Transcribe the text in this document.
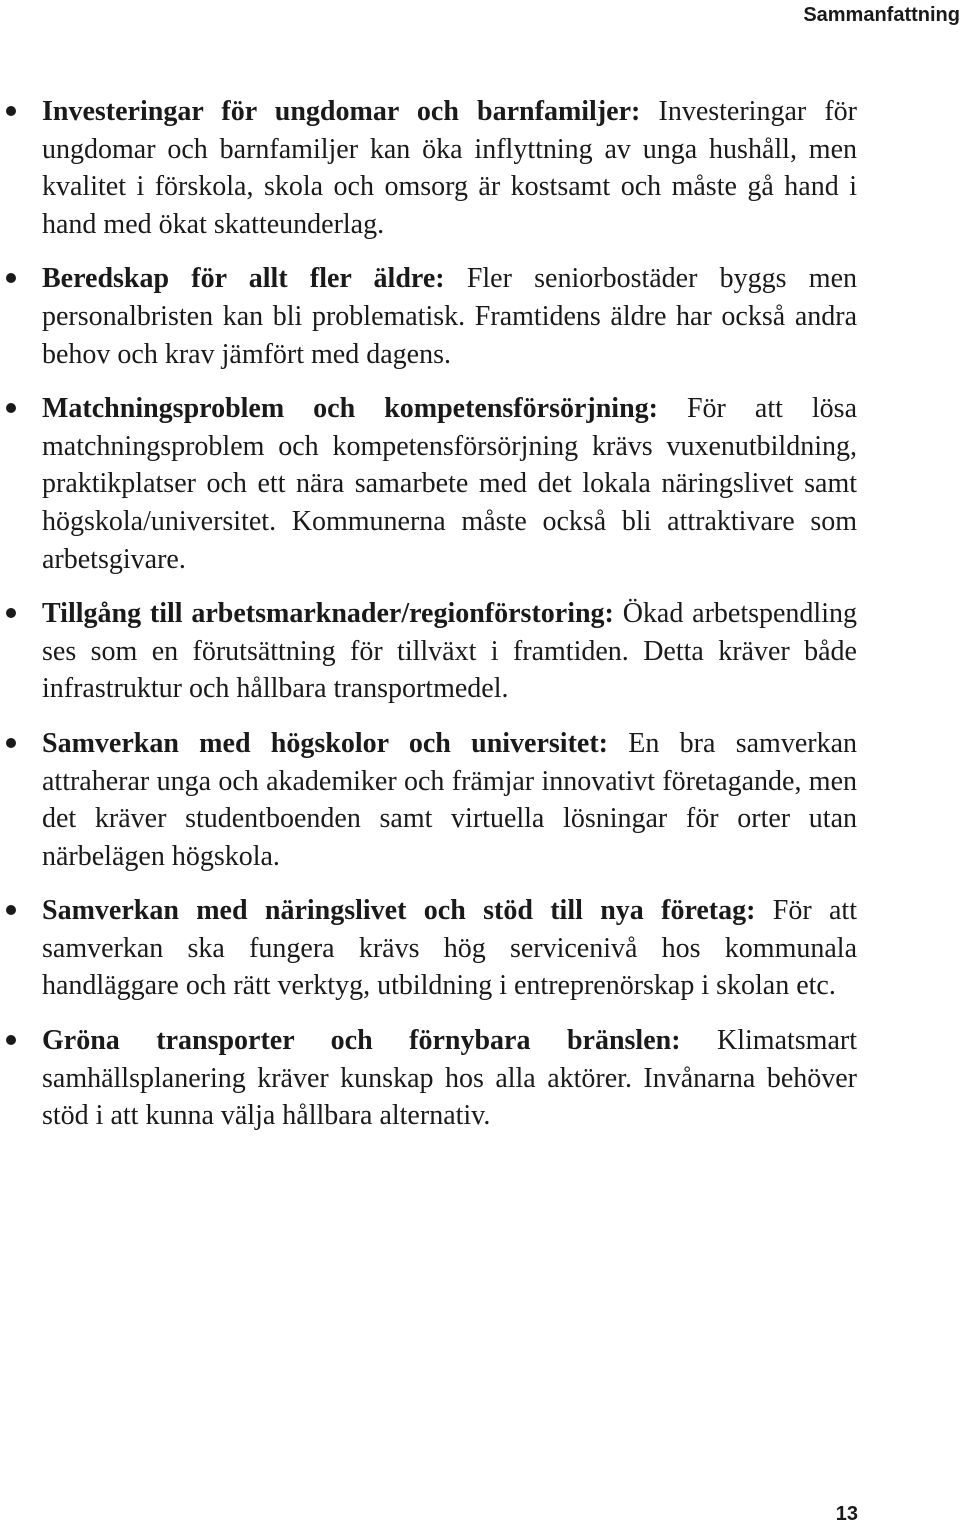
Sammanfattning
Investeringar för ungdomar och barnfamiljer: Investeringar för ungdomar och barnfamiljer kan öka inflyttning av unga hushåll, men kvalitet i förskola, skola och omsorg är kostsamt och måste gå hand i hand med ökat skatteunderlag.
Beredskap för allt fler äldre: Fler seniorbostäder byggs men personalbristen kan bli problematisk. Framtidens äldre har också andra behov och krav jämfört med dagens.
Matchningsproblem och kompetensförsörjning: För att lösa matchningsproblem och kompetensförsörjning krävs vuxenutbildning, praktikplatser och ett nära samarbete med det lokala näringslivet samt högskola/universitet. Kommunerna måste också bli attraktivare som arbetsgivare.
Tillgång till arbetsmarknader/regionförstoring: Ökad arbetspendling ses som en förutsättning för tillväxt i framtiden. Detta kräver både infrastruktur och hållbara transportmedel.
Samverkan med högskolor och universitet: En bra samverkan attraherar unga och akademiker och främjar innovativt företagande, men det kräver studentboenden samt virtuella lösningar för orter utan närbelägen högskola.
Samverkan med näringslivet och stöd till nya företag: För att samverkan ska fungera krävs hög servicenivå hos kommunala handläggare och rätt verktyg, utbildning i entreprenörskap i skolan etc.
Gröna transporter och förnybara bränslen: Klimatsmart samhällsplanering kräver kunskap hos alla aktörer. Invånarna behöver stöd i att kunna välja hållbara alternativ.
13
